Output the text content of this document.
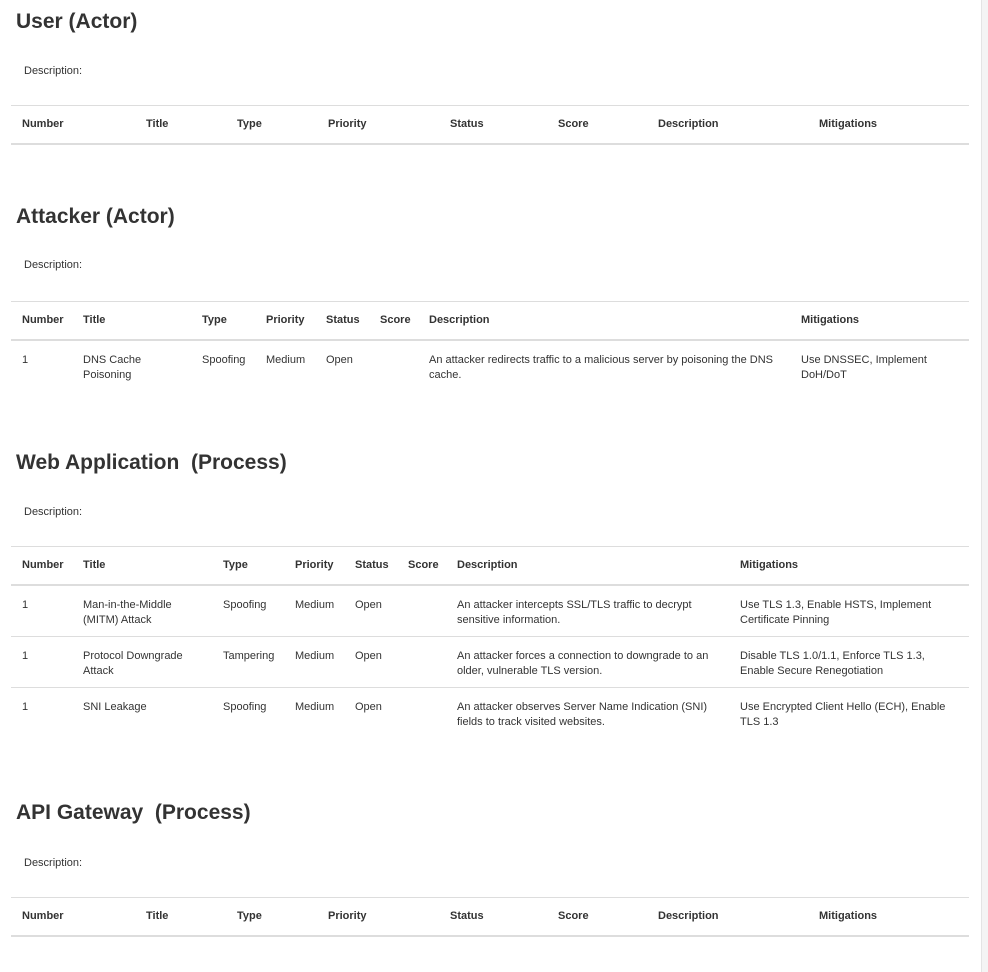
User (Actor)

Description:

Number	Title	Type	Priority	Status	Score	Description	Mitigations
Attacker (Actor)

Description:

Number	Title	Type	Priority	Status	Score	Description	Mitigations
1	DNS Cache Poisoning	Spoofing	Medium	Open		An attacker redirects traffic to a malicious server by poisoning the DNS cache.	Use DNSSEC, Implement DoH/DoT
Web Application  (Process)

Description:

Number	Title	Type	Priority	Status	Score	Description	Mitigations
1	Man-in-the-Middle (MITM) Attack	Spoofing	Medium	Open		An attacker intercepts SSL/TLS traffic to decrypt sensitive information.	Use TLS 1.3, Enable HSTS, Implement Certificate Pinning
1	Protocol Downgrade Attack	Tampering	Medium	Open		An attacker forces a connection to downgrade to an older, vulnerable TLS version.	Disable TLS 1.0/1.1, Enforce TLS 1.3, Enable Secure Renegotiation
1	SNI Leakage	Spoofing	Medium	Open		An attacker observes Server Name Indication (SNI) fields to track visited websites.	Use Encrypted Client Hello (ECH), Enable TLS 1.3
API Gateway  (Process)

Description:

Number	Title	Type	Priority	Status	Score	Description	Mitigations
